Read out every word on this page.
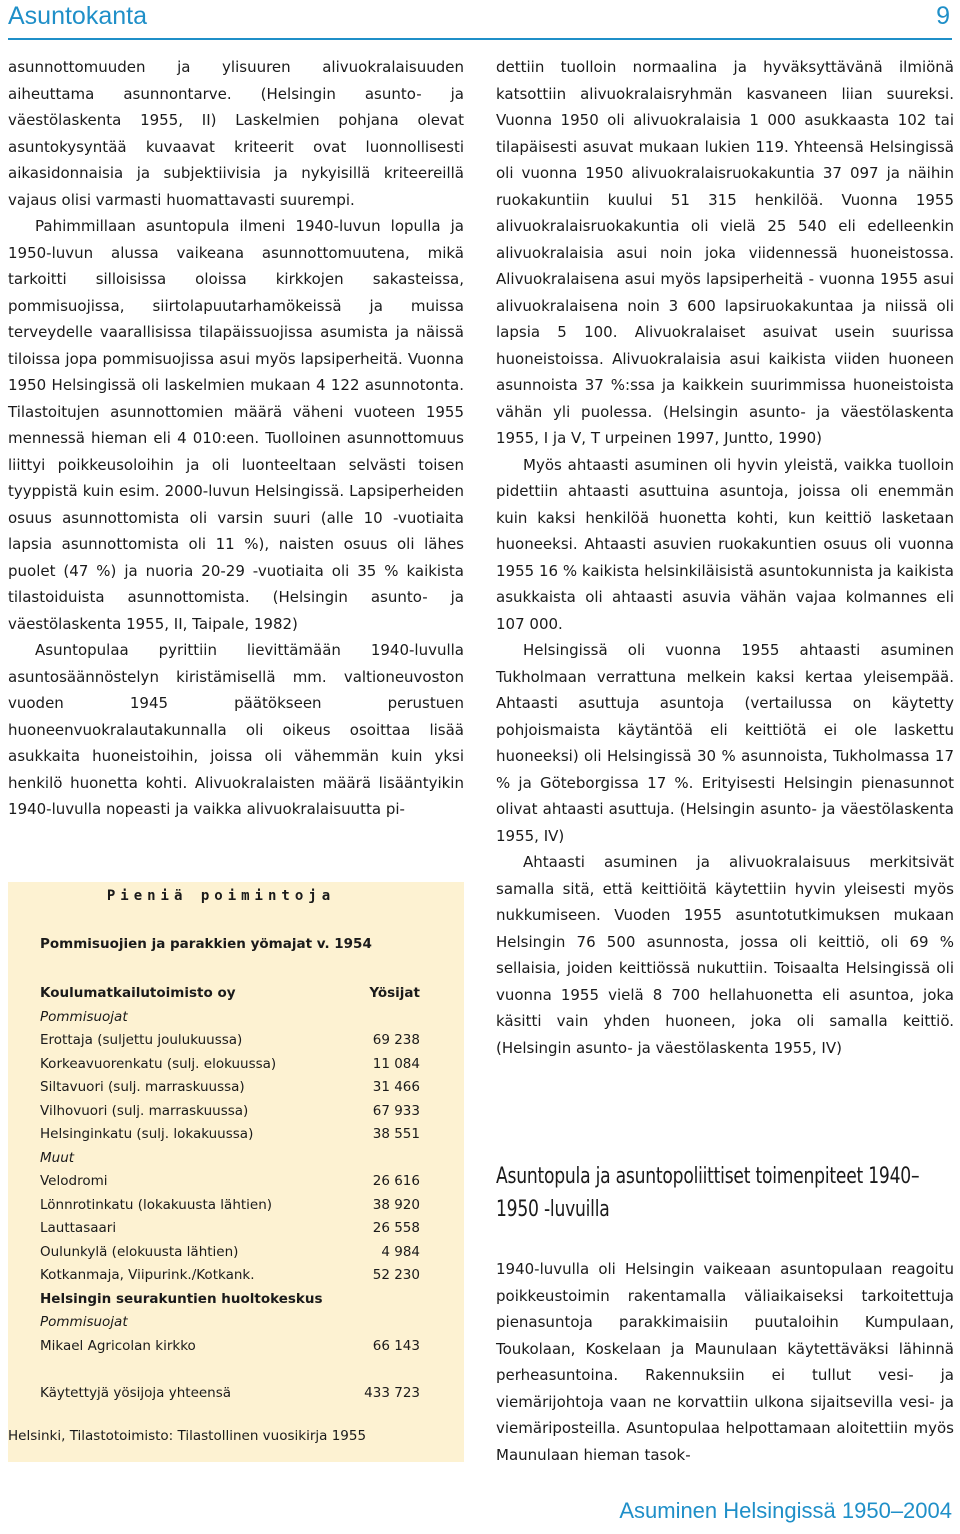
Asuntokanta	9

asunnottomuuden ja ylisuuren alivuokralaisuuden aiheuttama asunnontarve. (Helsingin asunto- ja väestölaskenta 1955, II) Laskelmien pohjana olevat asuntokysyntää kuvaavat kriteerit ovat luonnollisesti aikasidonnaisia ja subjektiivisia ja nykyisillä kriteereillä vajaus olisi varmasti huomattavasti suurempi.

Pahimmillaan asuntopula ilmeni 1940-luvun lopulla ja 1950-luvun alussa vaikeana asunnottomuutena, mikä tarkoitti silloisissa oloissa kirkkojen sakasteissa, pommisuojissa, siirtolapuutarhamökeissä ja muissa terveydelle vaarallisissa tilapäissuojissa asumista ja näissä tiloissa jopa pommisuojissa asui myös lapsiperheitä. Vuonna 1950 Helsingissä oli laskelmien mukaan 4 122 asunnotonta. Tilastoitujen asunnottomien määrä väheni vuoteen 1955 mennessä hieman eli 4 010:een. Tuolloinen asunnottomuus liittyi poikkeusoloihin ja oli luonteeltaan selvästi toisen tyyppistä kuin esim. 2000-luvun Helsingissä. Lapsiperheiden osuus asunnottomista oli varsin suuri (alle 10 -vuotiaita lapsia asunnottomista oli 11 %), naisten osuus oli lähes puolet (47 %) ja nuoria 20-29 -vuotiaita oli 35 % kaikista tilastoiduista asunnottomista. (Helsingin asunto- ja väestölaskenta 1955, II, Taipale, 1982)

Asuntopulaa pyrittiin lievittämään 1940-luvulla asuntosäännöstelyn kiristämisellä mm. valtioneuvoston vuoden 1945 päätökseen perustuen huoneenvuokralautakunnalla oli oikeus osoittaa lisää asukkaita huoneistoihin, joissa oli vähemmän kuin yksi henkilö huonetta kohti. Alivuokralaisten määrä lisääntyikin 1940-luvulla nopeasti ja vaikka alivuokralaisuutta pi-

Pieniä poimintoja
Pommisuojien ja parakkien yömajat v. 1954
Koulumatkailutoimisto oy	Yösijat
Pommisuojat
Erottaja (suljettu joulukuussa)	69 238
Korkeavuorenkatu (sulj. elokuussa)	11 084
Siltavuori (sulj. marraskuussa)	31 466
Vilhovuori (sulj. marraskuussa)	67 933
Helsinginkatu (sulj. lokakuussa)	38 551
Muut
Velodromi	26 616
Lönnrotinkatu (lokakuusta lähtien)	38 920
Lauttasaari	26 558
Oulunkylä (elokuusta lähtien)	4 984
Kotkanmaja, Viipurink./Kotkank.	52 230
Helsingin seurakuntien huoltokeskus
Pommisuojat
Mikael Agricolan kirkko	66 143
Käytettyjä yösijoja yhteensä	433 723
Helsinki, Tilastotoimisto: Tilastollinen vuosikirja 1955

dettiin tuolloin normaalina ja hyväksyttävänä ilmiönä katsottiin alivuokralaisryhmän kasvaneen liian suureksi. Vuonna 1950 oli alivuokralaisia 1 000 asukkaasta 102 tai tilapäisesti asuvat mukaan lukien 119. Yhteensä Helsingissä oli vuonna 1950 alivuokralaisruokakuntia 37 097 ja näihin ruokakuntiin kuului 51 315 henkilöä. Vuonna 1955 alivuokralaisruokakuntia oli vielä 25 540 eli edelleenkin alivuokralaisia asui noin joka viidennessä huoneistossa. Alivuokralaisena asui myös lapsiperheitä - vuonna 1955 asui alivuokralaisena noin 3 600 lapsiruokakuntaa ja niissä oli lapsia 5 100. Alivuokralaiset asuivat usein suurissa huoneistoissa. Alivuokralaisia asui kaikista viiden huoneen asunnoista 37 %:ssa ja kaikkein suurimmissa huoneistoista vähän yli puolessa. (Helsingin asunto- ja väestölaskenta 1955, I ja V, T urpeinen 1997, Juntto, 1990)

Myös ahtaasti asuminen oli hyvin yleistä, vaikka tuolloin pidettiin ahtaasti asuttuina asuntoja, joissa oli enemmän kuin kaksi henkilöä huonetta kohti, kun keittiö lasketaan huoneeksi. Ahtaasti asuvien ruokakuntien osuus oli vuonna 1955 16 % kaikista helsinkiläisistä asuntokunnista ja kaikista asukkaista oli ahtaasti asuvia vähän vajaa kolmannes eli 107 000.

Helsingissä oli vuonna 1955 ahtaasti asuminen Tukholmaan verrattuna melkein kaksi kertaa yleisempää. Ahtaasti asuttuja asuntoja (vertailussa on käytetty pohjoismaista käytäntöä eli keittiötä ei ole laskettu huoneeksi) oli Helsingissä 30 % asunnoista, Tukholmassa 17 % ja Göteborgissa 17 %. Erityisesti Helsingin pienasunnot olivat ahtaasti asuttuja. (Helsingin asunto- ja väestölaskenta 1955, IV)

Ahtaasti asuminen ja alivuokralaisuus merkitsivät samalla sitä, että keittiöitä käytettiin hyvin yleisesti myös nukkumiseen. Vuoden 1955 asuntotutkimuksen mukaan Helsingin 76 500 asunnosta, jossa oli keittiö, oli 69 % sellaisia, joiden keittiössä nukuttiin. Toisaalta Helsingissä oli vuonna 1955 vielä 8 700 hellahuonetta eli asuntoa, joka käsitti vain yhden huoneen, joka oli samalla keittiö. (Helsingin asunto- ja väestölaskenta 1955, IV)

Asuntopula ja asuntopoliittiset toimenpiteet 1940–1950 -luvuilla

1940-luvulla oli Helsingin vaikeaan asuntopulaan reagoitu poikkeustoimin rakentamalla väliaikaiseksi tarkoitettuja pienasuntoja parakkimaisiin puutaloihin Kumpulaan, Toukolaan, Koskelaan ja Maunulaan käytettäväksi lähinnä perheasuntoina. Rakennuksiin ei tullut vesi- ja viemärijohtoja vaan ne korvattiin ulkona sijaitsevilla vesi- ja viemäriposteilla. Asuntopulaa helpottamaan aloitettiin myös Maunulaan hieman tasok-

Asuminen Helsingissä 1950–2004
